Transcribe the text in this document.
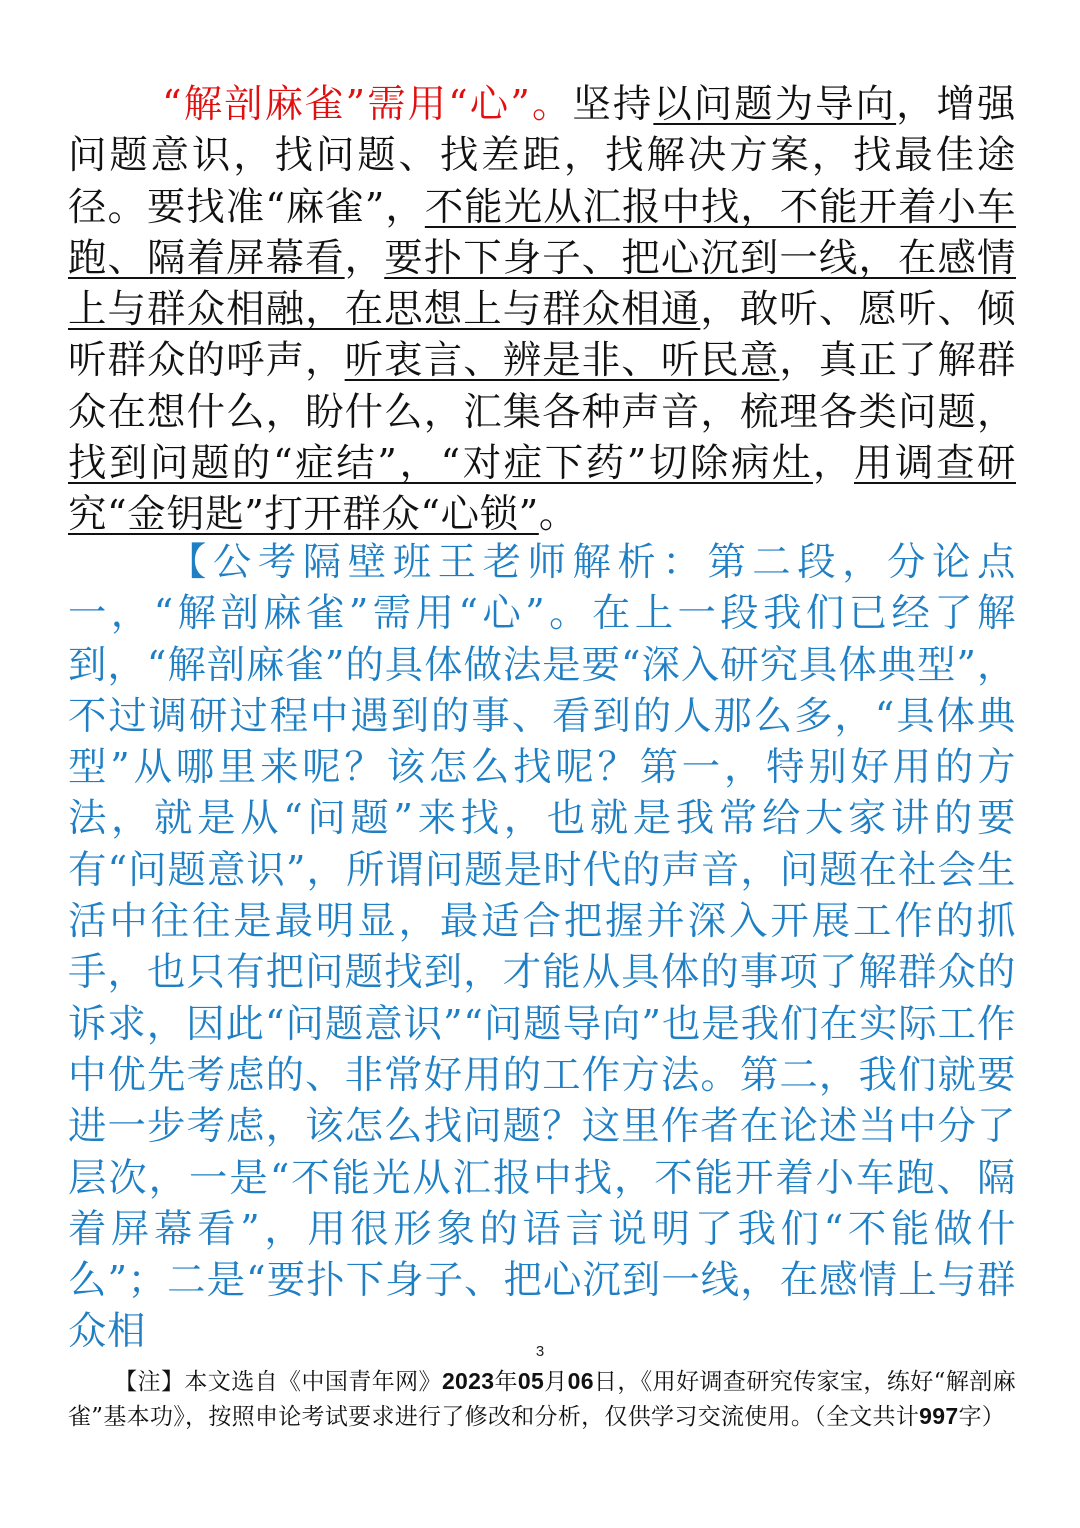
“解剖麻雀”需用“心”。坚持以问题为导向，增强问题意识，找问题、找差距，找解决方案，找最佳途径。要找准“麻雀”，不能光从汇报中找，不能开着小车跑、隔着屏幕看，要扑下身子、把心沉到一线，在感情上与群众相融，在思想上与群众相通，敢听、愿听、倾听群众的呼声，听衷言、辨是非、听民意，真正了解群众在想什么，盼什么，汇集各种声音，梳理各类问题，找到问题的“症结”，“对症下药”切除病灶，用调查研究“金钥匙”打开群众“心锁”。

【公考隔壁班王老师解析：第二段，分论点一，“解剖麻雀”需用“心”。在上一段我们已经了解到，“解剖麻雀”的具体做法是要“深入研究具体典型”，不过调研过程中遇到的事、看到的人那么多，“具体典型”从哪里来呢？该怎么找呢？第一，特别好用的方法，就是从“问题”来找，也就是我常给大家讲的要有“问题意识”，所谓问题是时代的声音，问题在社会生活中往往是最明显，最适合把握并深入开展工作的抓手，也只有把问题找到，才能从具体的事项了解群众的诉求，因此“问题意识”“问题导向”也是我们在实际工作中优先考虑的、非常好用的工作方法。第二，我们就要进一步考虑，该怎么找问题？这里作者在论述当中分了层次，一是“不能光从汇报中找，不能开着小车跑、隔着屏幕看”，用很形象的语言说明了我们“不能做什么”；二是“要扑下身子、把心沉到一线，在感情上与群众相	3
【注】本文选自《中国青年网》2023年05月06日，《用好调查研究传家宝，练好“解剖麻雀”基本功》，按照申论考试要求进行了修改和分析，仅供学习交流使用。（全文共计997字）
